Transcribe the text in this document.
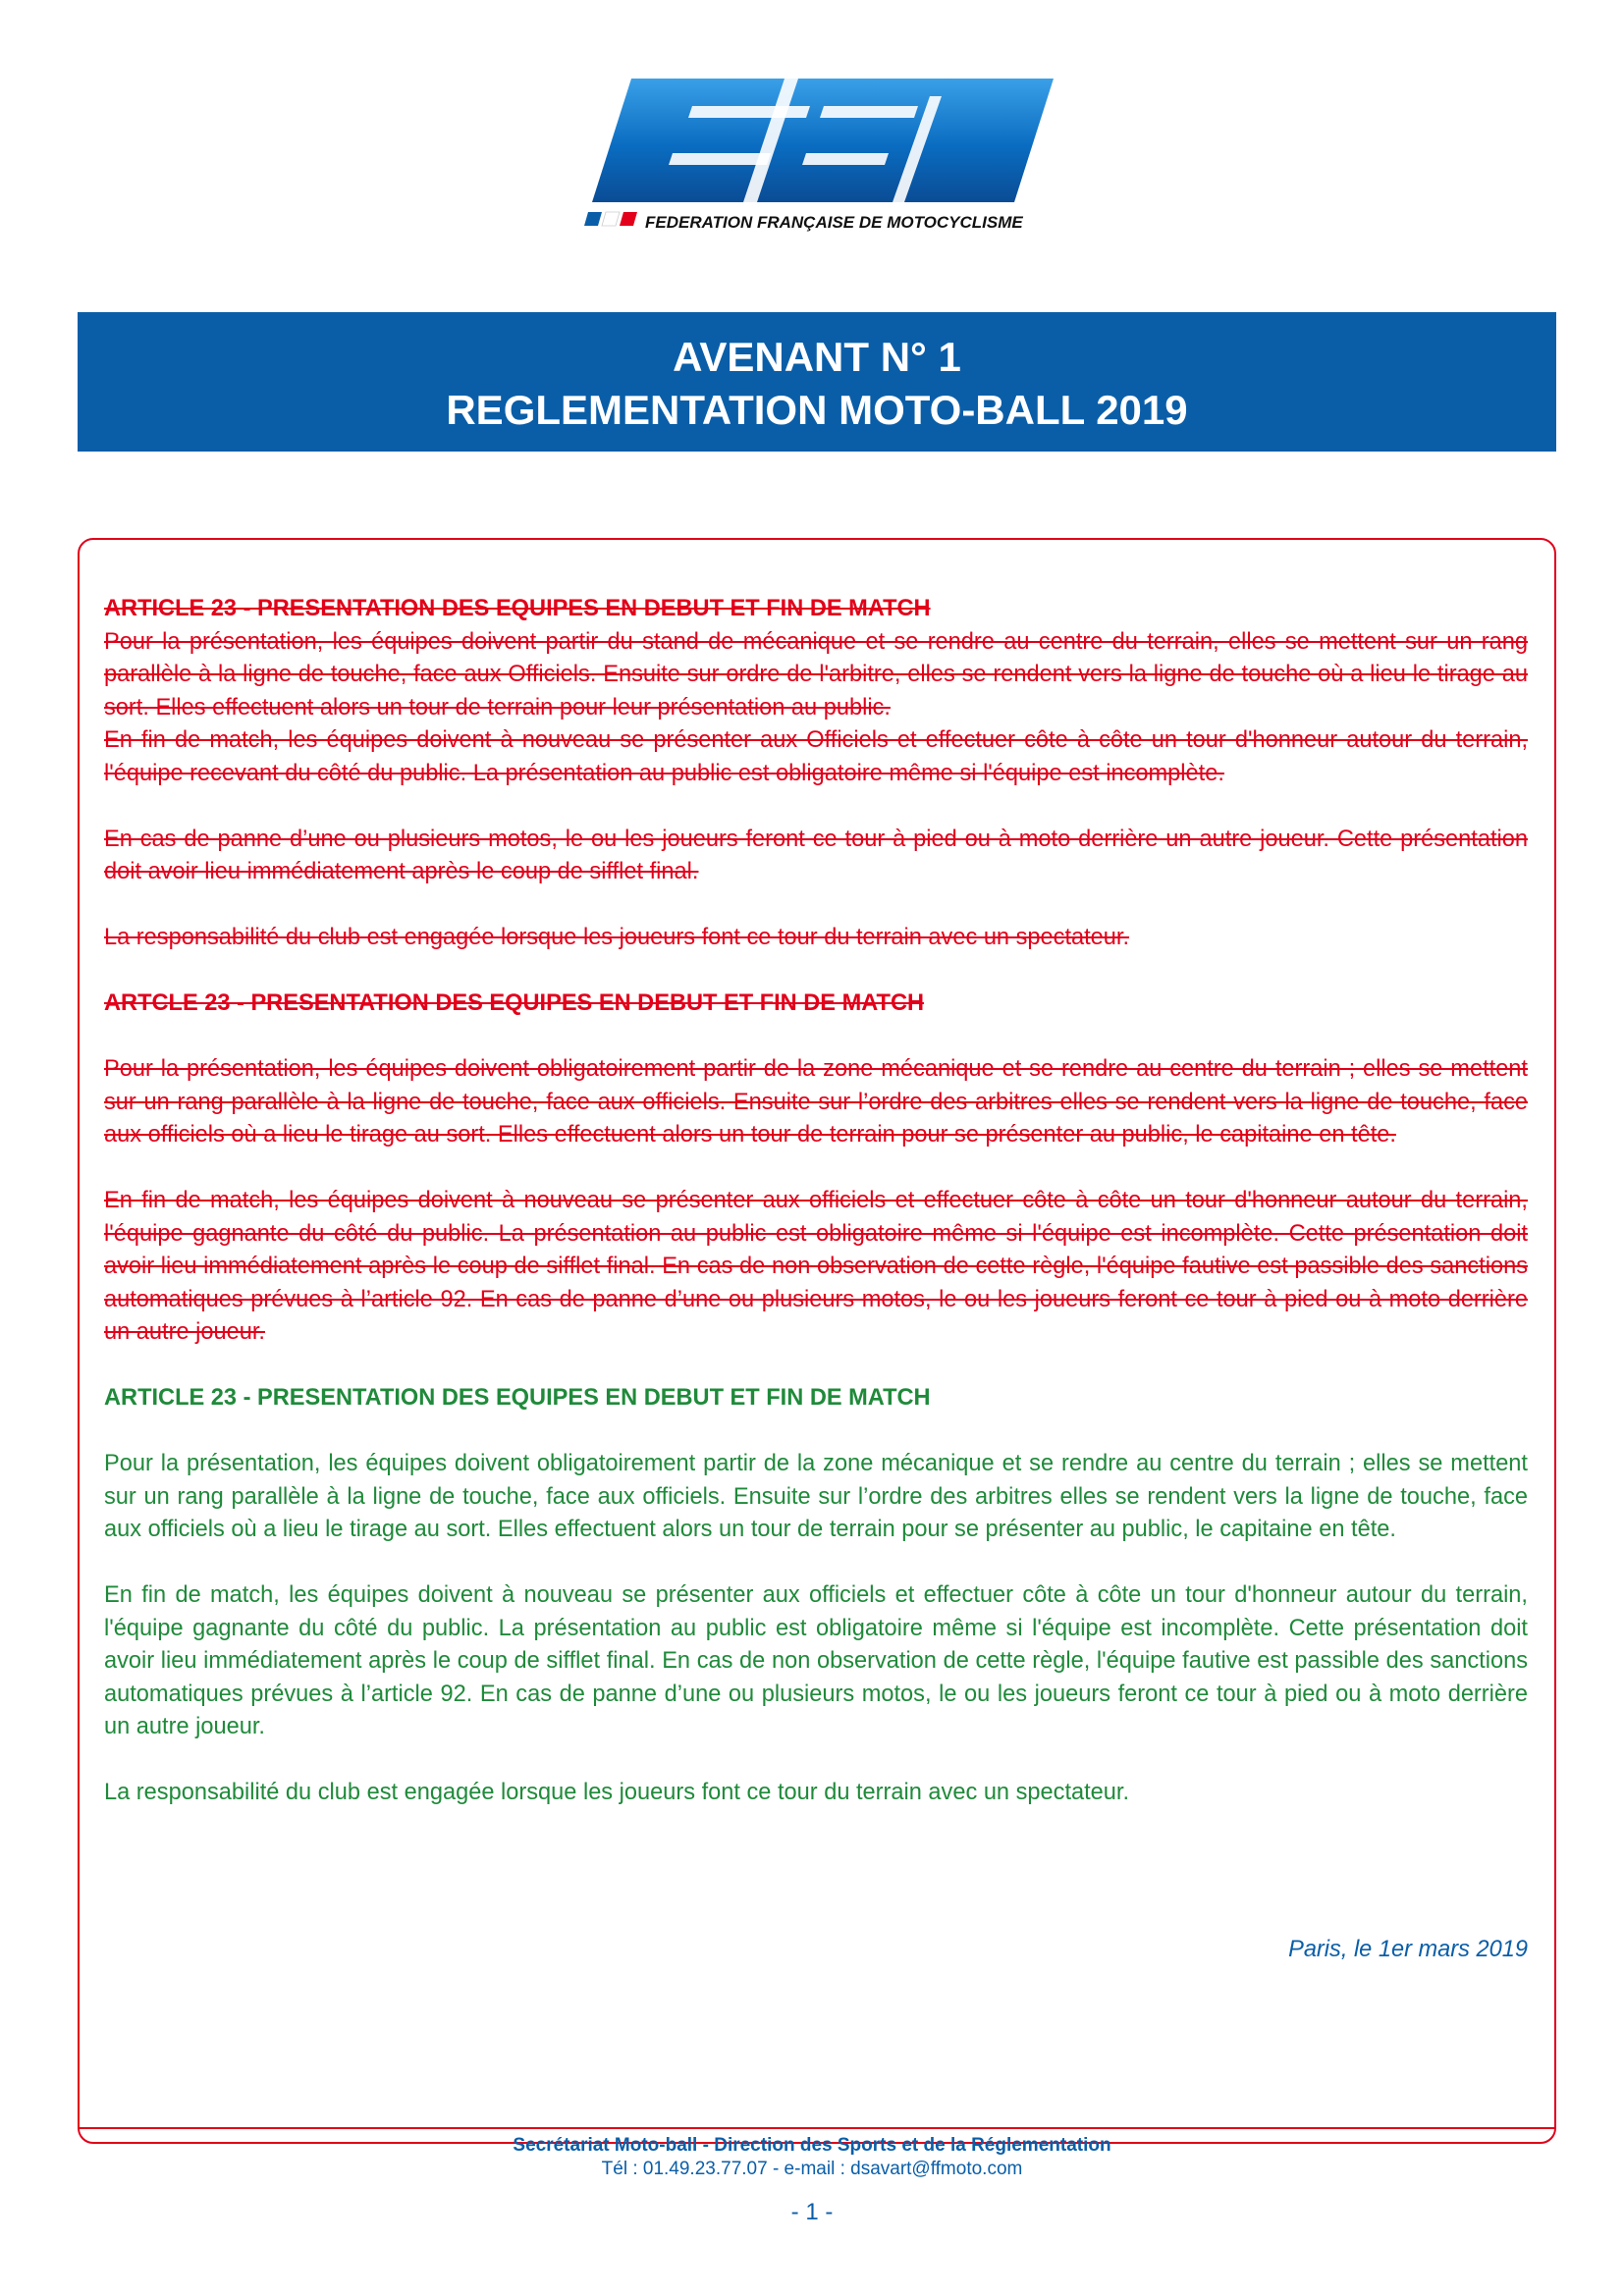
FEDERATION FRANÇAISE DE MOTOCYCLISME
AVENANT N° 1
REGLEMENTATION MOTO-BALL 2019
ARTICLE 23 - PRESENTATION DES EQUIPES EN DEBUT ET FIN DE MATCH

Pour la présentation, les équipes doivent partir du stand de mécanique et se rendre au centre du terrain, elles se mettent sur un rang parallèle à la ligne de touche, face aux Officiels. Ensuite sur ordre de l'arbitre, elles se rendent vers la ligne de touche où a lieu le tirage au sort. Elles effectuent alors un tour de terrain pour leur présentation au public.

En fin de match, les équipes doivent à nouveau se présenter aux Officiels et effectuer côte à côte un tour d'honneur autour du terrain, l'équipe recevant du côté du public. La présentation au public est obligatoire même si l'équipe est incomplète.

En cas de panne d’une ou plusieurs motos, le ou les joueurs feront ce tour à pied ou à moto derrière un autre joueur. Cette présentation doit avoir lieu immédiatement après le coup de sifflet final.

La responsabilité du club est engagée lorsque les joueurs font ce tour du terrain avec un spectateur.

ARTCLE 23 - PRESENTATION DES EQUIPES EN DEBUT ET FIN DE MATCH

Pour la présentation, les équipes doivent obligatoirement partir de la zone mécanique et se rendre au centre du terrain ; elles se mettent sur un rang parallèle à la ligne de touche, face aux officiels. Ensuite sur l’ordre des arbitres elles se rendent vers la ligne de touche, face aux officiels où a lieu le tirage au sort. Elles effectuent alors un tour de terrain pour se présenter au public, le capitaine en tête.

En fin de match, les équipes doivent à nouveau se présenter aux officiels et effectuer côte à côte un tour d'honneur autour du terrain, l'équipe gagnante du côté du public. La présentation au public est obligatoire même si l'équipe est incomplète. Cette présentation doit avoir lieu immédiatement après le coup de sifflet final. En cas de non observation de cette règle, l'équipe fautive est passible des sanctions automatiques prévues à l’article 92. En cas de panne d’une ou plusieurs motos, le ou les joueurs feront ce tour à pied ou à moto derrière un autre joueur.

ARTICLE 23 - PRESENTATION DES EQUIPES EN DEBUT ET FIN DE MATCH

Pour la présentation, les équipes doivent obligatoirement partir de la zone mécanique et se rendre au centre du terrain ; elles se mettent sur un rang parallèle à la ligne de touche, face aux officiels. Ensuite sur l’ordre des arbitres elles se rendent vers la ligne de touche, face aux officiels où a lieu le tirage au sort. Elles effectuent alors un tour de terrain pour se présenter au public, le capitaine en tête.

En fin de match, les équipes doivent à nouveau se présenter aux officiels et effectuer côte à côte un tour d'honneur autour du terrain, l'équipe gagnante du côté du public. La présentation au public est obligatoire même si l'équipe est incomplète. Cette présentation doit avoir lieu immédiatement après le coup de sifflet final. En cas de non observation de cette règle, l'équipe fautive est passible des sanctions automatiques prévues à l’article 92. En cas de panne d’une ou plusieurs motos, le ou les joueurs feront ce tour à pied ou à moto derrière un autre joueur.

La responsabilité du club est engagée lorsque les joueurs font ce tour du terrain avec un spectateur.

Paris, le 1er mars 2019
Secrétariat Moto-ball - Direction des Sports et de la Réglementation
Tél : 01.49.23.77.07 - e-mail : dsavart@ffmoto.com
- 1 -
